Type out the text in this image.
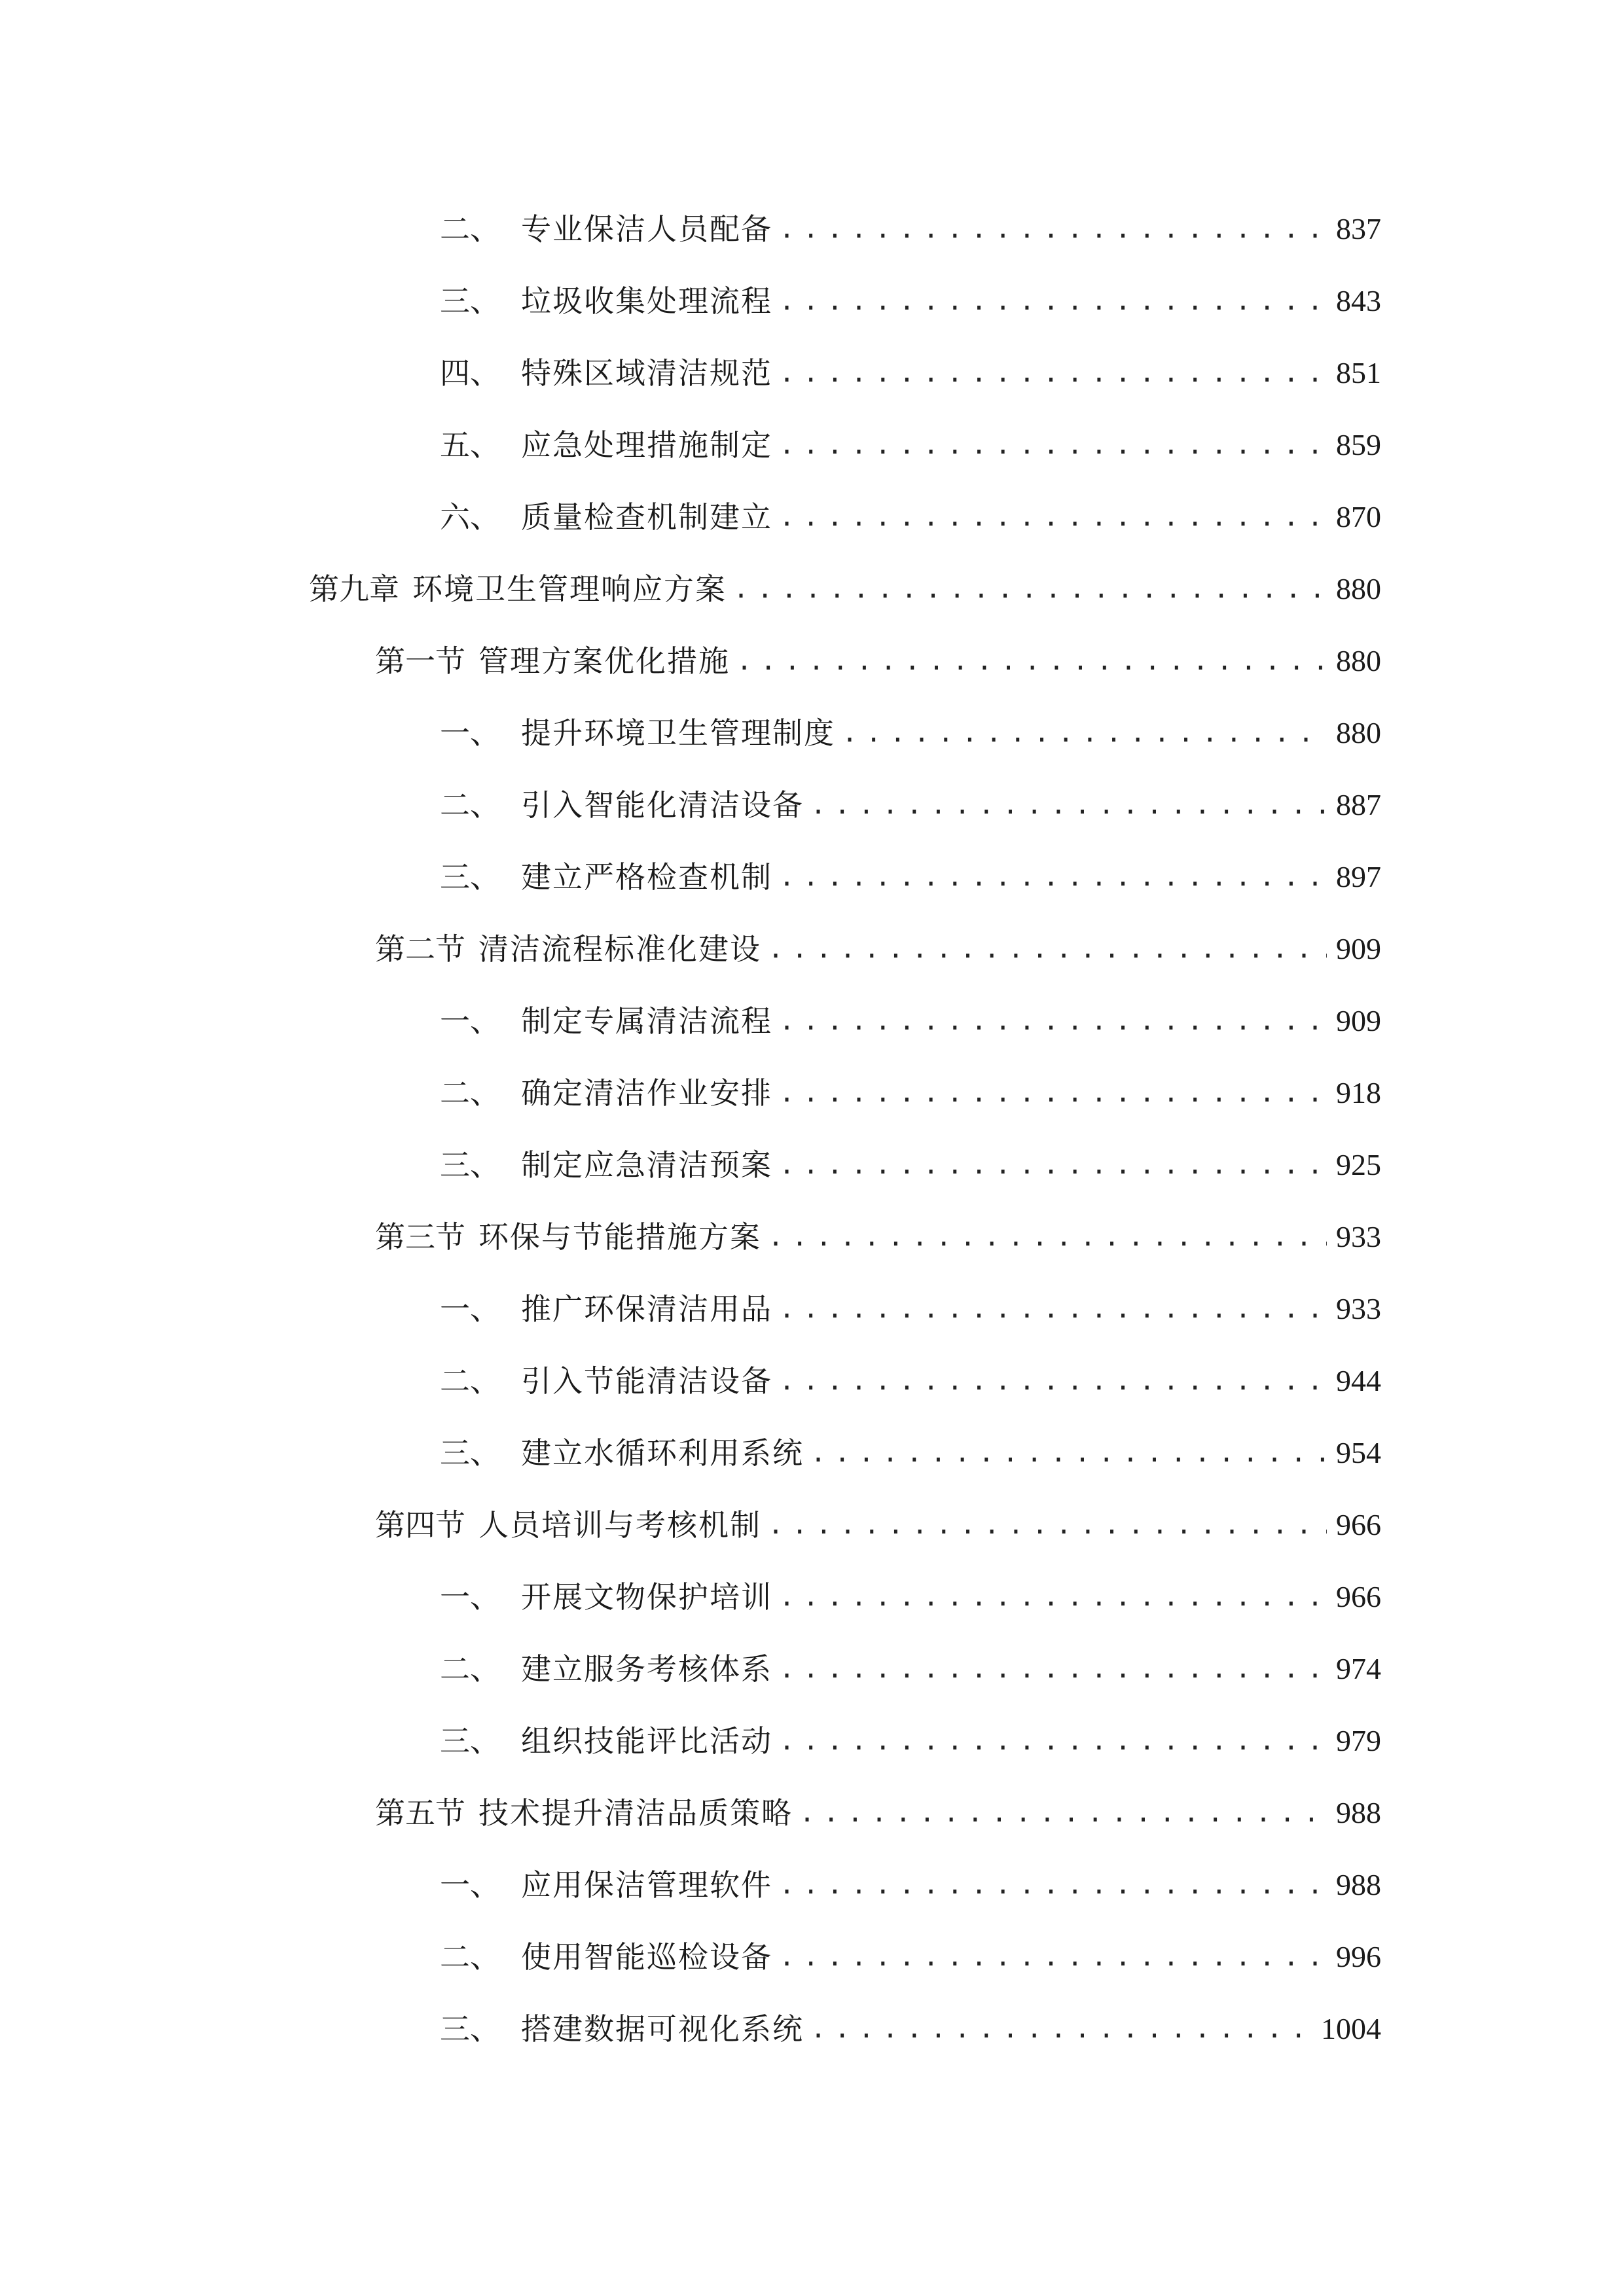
二、 专业保洁人员配备 .....	837
三、 垃圾收集处理流程 .....	843
四、 特殊区域清洁规范 .....	851
五、 应急处理措施制定 .....	859
六、 质量检查机制建立 .....	870
第九章 环境卫生管理响应方案 .....	880
第一节 管理方案优化措施 .....	880
一、 提升环境卫生管理制度 .....	880
二、 引入智能化清洁设备 .....	887
三、 建立严格检查机制 .....	897
第二节 清洁流程标准化建设 .....	909
一、 制定专属清洁流程 .....	909
二、 确定清洁作业安排 .....	918
三、 制定应急清洁预案 .....	925
第三节 环保与节能措施方案 .....	933
一、 推广环保清洁用品 .....	933
二、 引入节能清洁设备 .....	944
三、 建立水循环利用系统 .....	954
第四节 人员培训与考核机制 .....	966
一、 开展文物保护培训 .....	966
二、 建立服务考核体系 .....	974
三、 组织技能评比活动 .....	979
第五节 技术提升清洁品质策略 .....	988
一、 应用保洁管理软件 .....	988
二、 使用智能巡检设备 .....	996
三、 搭建数据可视化系统 .....	1004
